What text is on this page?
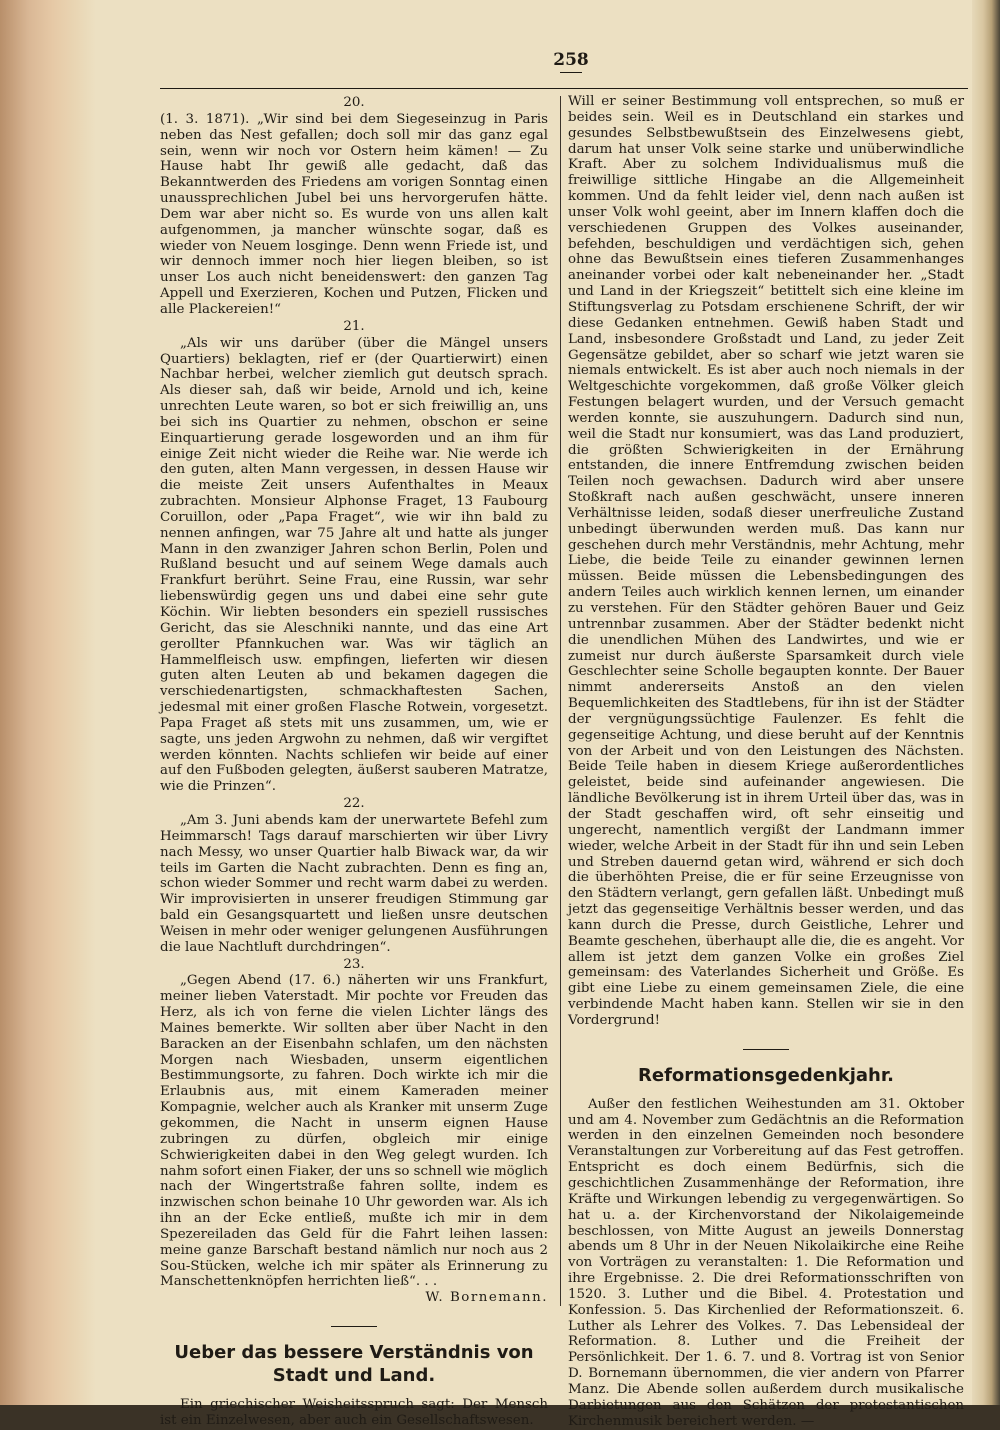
258
20.

(1. 3. 1871). „Wir sind bei dem Siegeseinzug in Paris neben das Nest gefallen; doch soll mir das ganz egal sein, wenn wir noch vor Ostern heim kämen! — Zu Hause habt Ihr gewiß alle gedacht, daß das Bekanntwerden des Friedens am vorigen Sonntag einen unaussprechlichen Jubel bei uns hervorgerufen hätte. Dem war aber nicht so. Es wurde von uns allen kalt aufgenommen, ja mancher wünschte sogar, daß es wieder von Neuem losginge. Denn wenn Friede ist, und wir dennoch immer noch hier liegen bleiben, so ist unser Los auch nicht beneidenswert: den ganzen Tag Appell und Exerzieren, Kochen und Putzen, Flicken und alle Plackereien!“

21.

„Als wir uns darüber (über die Mängel unsers Quartiers) beklagten, rief er (der Quartierwirt) einen Nachbar herbei, welcher ziemlich gut deutsch sprach. Als dieser sah, daß wir beide, Arnold und ich, keine unrechten Leute waren, so bot er sich freiwillig an, uns bei sich ins Quartier zu nehmen, obschon er seine Einquartierung gerade losgeworden und an ihm für einige Zeit nicht wieder die Reihe war. Nie werde ich den guten, alten Mann vergessen, in dessen Hause wir die meiste Zeit unsers Aufenthaltes in Meaux zubrachten. Monsieur Alphonse Fraget, 13 Faubourg Coruillon, oder „Papa Fraget“, wie wir ihn bald zu nennen anfingen, war 75 Jahre alt und hatte als junger Mann in den zwanziger Jahren schon Berlin, Polen und Rußland besucht und auf seinem Wege damals auch Frankfurt berührt. Seine Frau, eine Russin, war sehr liebenswürdig gegen uns und dabei eine sehr gute Köchin. Wir liebten besonders ein speziell russisches Gericht, das sie Aleschniki nannte, und das eine Art gerollter Pfannkuchen war. Was wir täglich an Hammelfleisch usw. empfingen, lieferten wir diesen guten alten Leuten ab und bekamen dagegen die verschiedenartigsten, schmackhaftesten Sachen, jedesmal mit einer großen Flasche Rotwein, vorgesetzt. Papa Fraget aß stets mit uns zusammen, um, wie er sagte, uns jeden Argwohn zu nehmen, daß wir vergiftet werden könnten. Nachts schliefen wir beide auf einer auf den Fußboden gelegten, äußerst sauberen Matratze, wie die Prinzen“.

22.

„Am 3. Juni abends kam der unerwartete Befehl zum Heimmarsch! Tags darauf marschierten wir über Livry nach Messy, wo unser Quartier halb Biwack war, da wir teils im Garten die Nacht zubrachten. Denn es fing an, schon wieder Sommer und recht warm dabei zu werden. Wir improvisierten in unserer freudigen Stimmung gar bald ein Gesangsquartett und ließen unsre deutschen Weisen in mehr oder weniger gelungenen Ausführungen die laue Nachtluft durchdringen“.

23.

„Gegen Abend (17. 6.) näherten wir uns Frankfurt, meiner lieben Vaterstadt. Mir pochte vor Freuden das Herz, als ich von ferne die vielen Lichter längs des Maines bemerkte. Wir sollten aber über Nacht in den Baracken an der Eisenbahn schlafen, um den nächsten Morgen nach Wiesbaden, unserm eigentlichen Bestimmungsorte, zu fahren. Doch wirkte ich mir die Erlaubnis aus, mit einem Kameraden meiner Kompagnie, welcher auch als Kranker mit unserm Zuge gekommen, die Nacht in unserm eignen Hause zubringen zu dürfen, obgleich mir einige Schwierigkeiten dabei in den Weg gelegt wurden. Ich nahm sofort einen Fiaker, der uns so schnell wie möglich nach der Wingertstraße fahren sollte, indem es inzwischen schon beinahe 10 Uhr geworden war. Als ich ihn an der Ecke entließ, mußte ich mir in dem Spezereiladen das Geld für die Fahrt leihen lassen: meine ganze Barschaft bestand nämlich nur noch aus 2 Sou-Stücken, welche ich mir später als Erinnerung zu Manschettenknöpfen herrichten ließ“. . .

W. Bornemann.
Ueber das bessere Verständnis von Stadt und Land.

Ein griechischer Weisheitsspruch sagt: Der Mensch ist ein Einzelwesen, aber auch ein Gesellschaftswesen.

Will er seiner Bestimmung voll entsprechen, so muß er beides sein. Weil es in Deutschland ein starkes und gesundes Selbstbewußtsein des Einzelwesens giebt, darum hat unser Volk seine starke und unüberwindliche Kraft. Aber zu solchem Individualismus muß die freiwillige sittliche Hingabe an die Allgemeinheit kommen. Und da fehlt leider viel, denn nach außen ist unser Volk wohl geeint, aber im Innern klaffen doch die verschiedenen Gruppen des Volkes auseinander, befehden, beschuldigen und verdächtigen sich, gehen ohne das Bewußtsein eines tieferen Zusammenhanges aneinander vorbei oder kalt nebeneinander her. „Stadt und Land in der Kriegszeit“ betittelt sich eine kleine im Stiftungsverlag zu Potsdam erschienene Schrift, der wir diese Gedanken entnehmen. Gewiß haben Stadt und Land, insbesondere Großstadt und Land, zu jeder Zeit Gegensätze gebildet, aber so scharf wie jetzt waren sie niemals entwickelt. Es ist aber auch noch niemals in der Weltgeschichte vorgekommen, daß große Völker gleich Festungen belagert wurden, und der Versuch gemacht werden konnte, sie auszuhungern. Dadurch sind nun, weil die Stadt nur konsumiert, was das Land produziert, die größten Schwierigkeiten in der Ernährung entstanden, die innere Entfremdung zwischen beiden Teilen noch gewachsen. Dadurch wird aber unsere Stoßkraft nach außen geschwächt, unsere inneren Verhältnisse leiden, sodaß dieser unerfreuliche Zustand unbedingt überwunden werden muß. Das kann nur geschehen durch mehr Verständnis, mehr Achtung, mehr Liebe, die beide Teile zu einander gewinnen lernen müssen. Beide müssen die Lebensbedingungen des andern Teiles auch wirklich kennen lernen, um einander zu verstehen. Für den Städter gehören Bauer und Geiz untrennbar zusammen. Aber der Städter bedenkt nicht die unendlichen Mühen des Landwirtes, und wie er zumeist nur durch äußerste Sparsamkeit durch viele Geschlechter seine Scholle begaupten konnte. Der Bauer nimmt andererseits Anstoß an den vielen Bequemlichkeiten des Stadtlebens, für ihn ist der Städter der vergnügungssüchtige Faulenzer. Es fehlt die gegenseitige Achtung, und diese beruht auf der Kenntnis von der Arbeit und von den Leistungen des Nächsten. Beide Teile haben in diesem Kriege außerordentliches geleistet, beide sind aufeinander angewiesen. Die ländliche Bevölkerung ist in ihrem Urteil über das, was in der Stadt geschaffen wird, oft sehr einseitig und ungerecht, namentlich vergißt der Landmann immer wieder, welche Arbeit in der Stadt für ihn und sein Leben und Streben dauernd getan wird, während er sich doch die überhöhten Preise, die er für seine Erzeugnisse von den Städtern verlangt, gern gefallen läßt. Unbedingt muß jetzt das gegenseitige Verhältnis besser werden, und das kann durch die Presse, durch Geistliche, Lehrer und Beamte geschehen, überhaupt alle die, die es angeht. Vor allem ist jetzt dem ganzen Volke ein großes Ziel gemeinsam: des Vaterlandes Sicherheit und Größe. Es gibt eine Liebe zu einem gemeinsamen Ziele, die eine verbindende Macht haben kann. Stellen wir sie in den Vordergrund!

Reformationsgedenkjahr.

Außer den festlichen Weihestunden am 31. Oktober und am 4. November zum Gedächtnis an die Reformation werden in den einzelnen Gemeinden noch besondere Veranstaltungen zur Vorbereitung auf das Fest getroffen. Entspricht es doch einem Bedürfnis, sich die geschichtlichen Zusammenhänge der Reformation, ihre Kräfte und Wirkungen lebendig zu vergegenwärtigen. So hat u. a. der Kirchenvorstand der Nikolaigemeinde beschlossen, von Mitte August an jeweils Donnerstag abends um 8 Uhr in der Neuen Nikolaikirche eine Reihe von Vorträgen zu veranstalten: 1. Die Reformation und ihre Ergebnisse. 2. Die drei Reformationsschriften von 1520. 3. Luther und die Bibel. 4. Protestation und Konfession. 5. Das Kirchenlied der Reformationszeit. 6. Luther als Lehrer des Volkes. 7. Das Lebensideal der Reformation. 8. Luther und die Freiheit der Persönlichkeit. Der 1. 6. 7. und 8. Vortrag ist von Senior D. Bornemann übernommen, die vier andern von Pfarrer Manz. Die Abende sollen außerdem durch musikalische Darbietungen aus den Schätzen der protestantischen Kirchenmusik bereichert werden. —
